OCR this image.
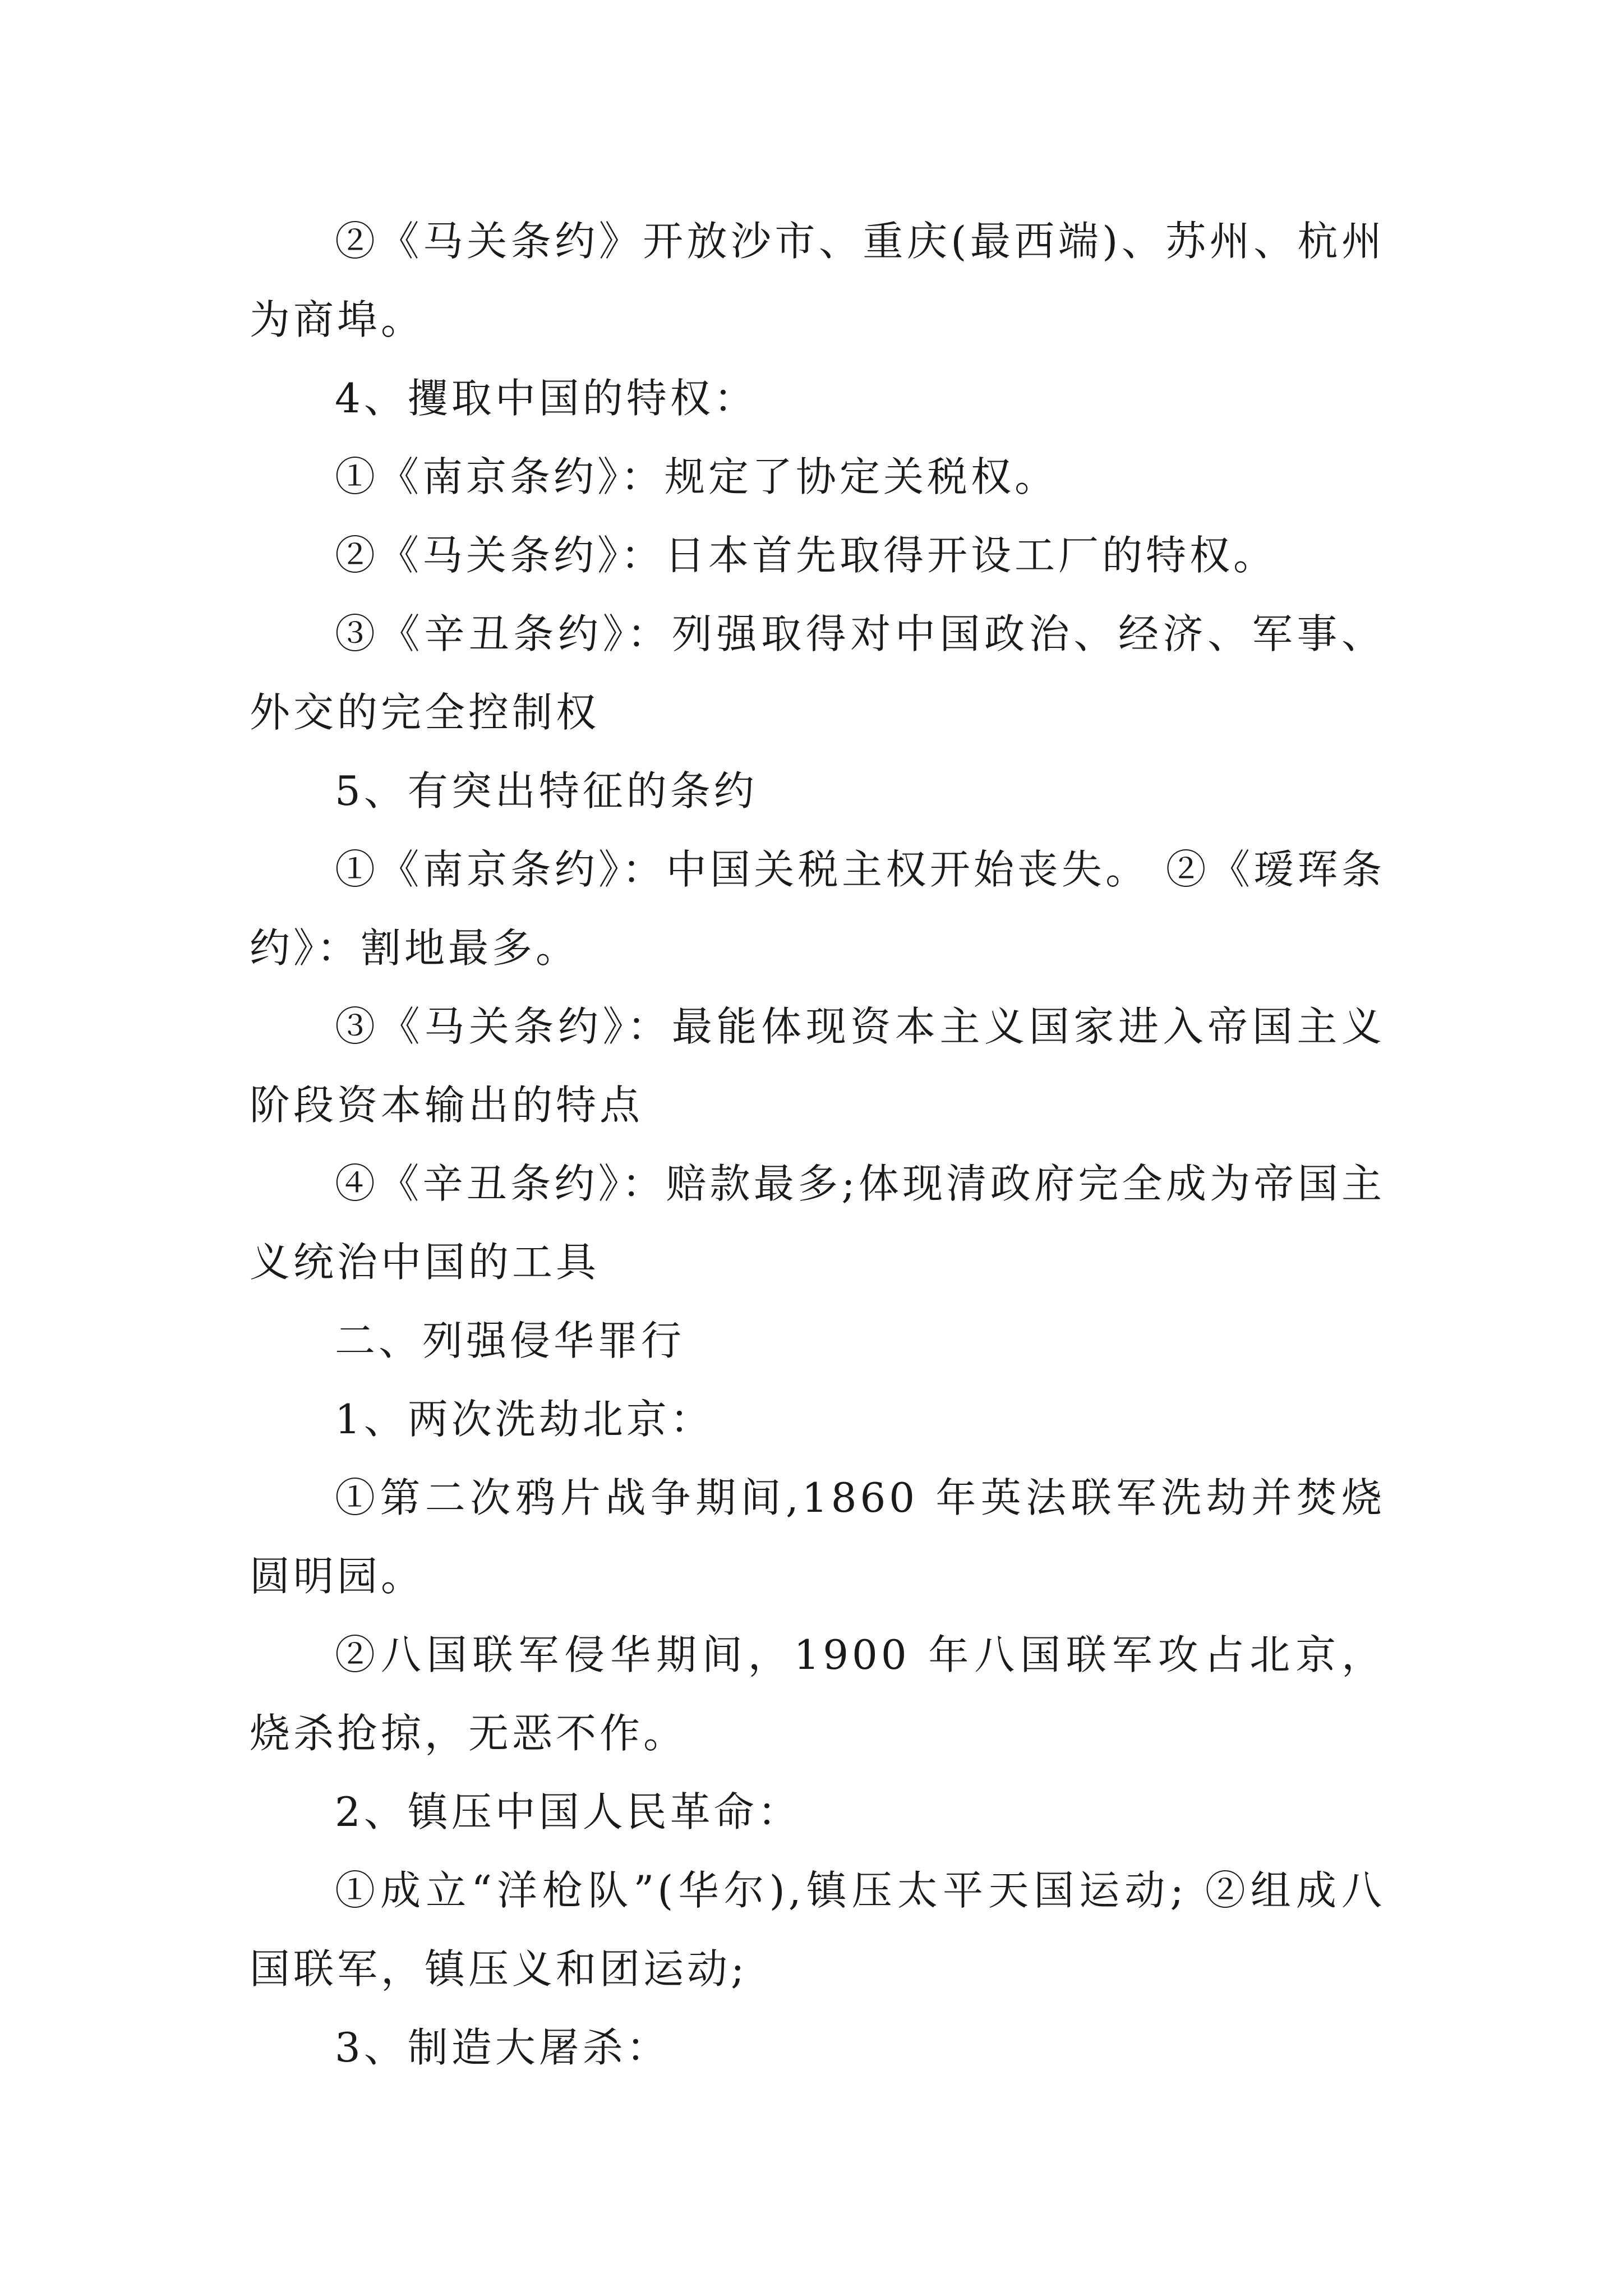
②《马关条约》开放沙市、重庆(最西端)、苏州、杭州为商埠。

4、攫取中国的特权：

①《南京条约》：规定了协定关税权。

②《马关条约》：日本首先取得开设工厂的特权。

③《辛丑条约》：列强取得对中国政治、经济、军事、外交的完全控制权

5、有突出特征的条约

①《南京条约》：中国关税主权开始丧失。 ②《瑷珲条约》：割地最多。

③《马关条约》：最能体现资本主义国家进入帝国主义阶段资本输出的特点

④《辛丑条约》：赔款最多;体现清政府完全成为帝国主义统治中国的工具

二、列强侵华罪行

1、两次洗劫北京：

①第二次鸦片战争期间,1860 年英法联军洗劫并焚烧圆明园。

②八国联军侵华期间，1900 年八国联军攻占北京，烧杀抢掠，无恶不作。

2、镇压中国人民革命：

①成立“洋枪队”(华尔),镇压太平天国运动; ②组成八国联军，镇压义和团运动;

3、制造大屠杀：
